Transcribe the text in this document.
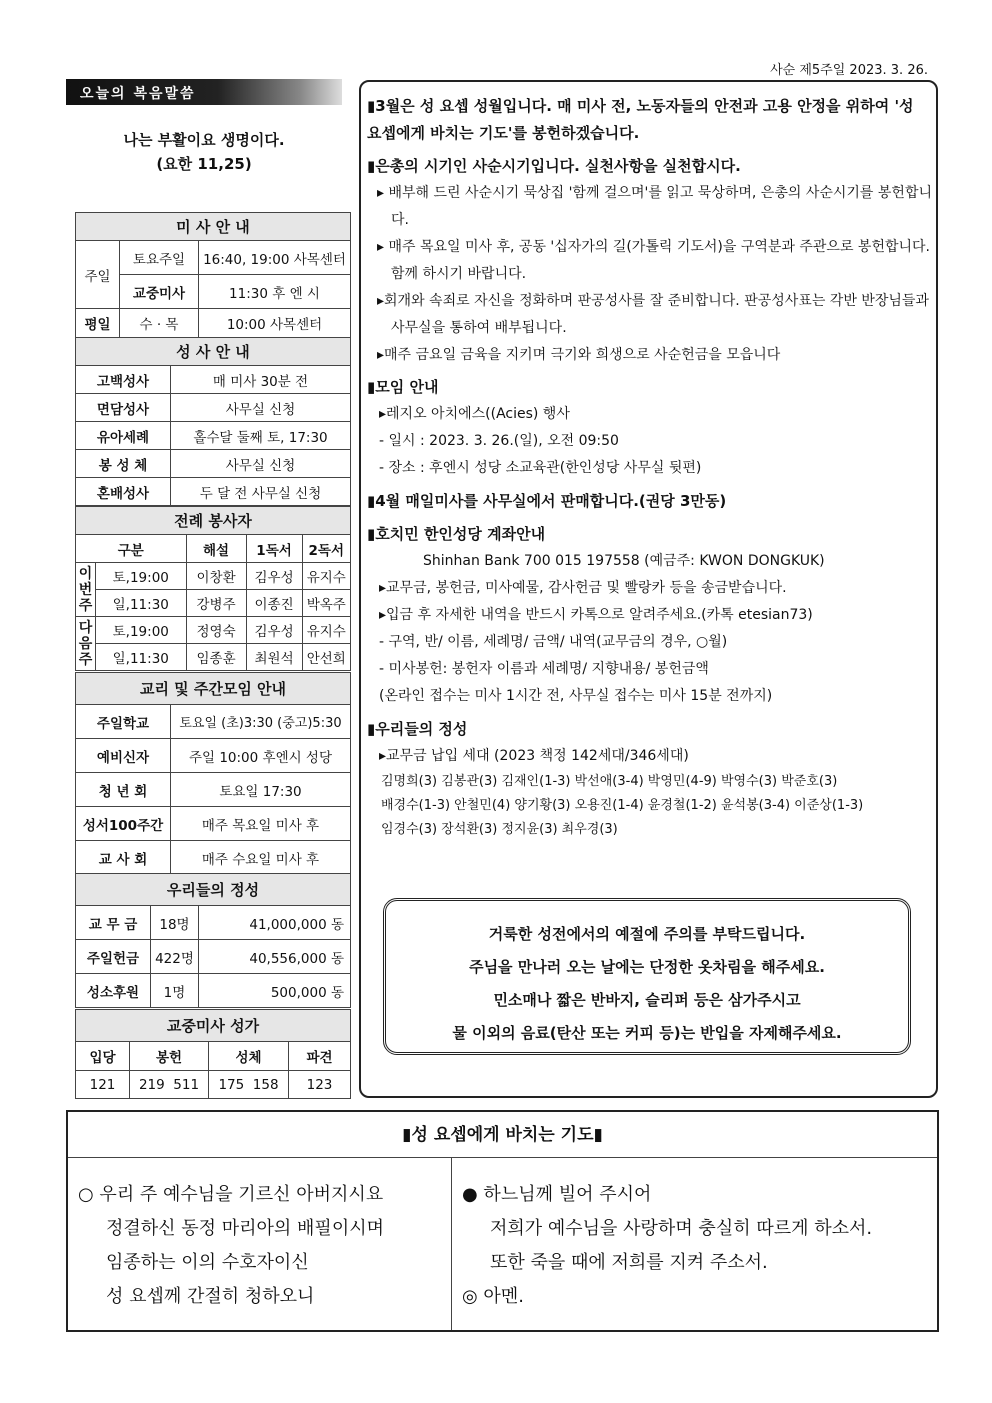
사순 제5주일 2023. 3. 26.
오늘의 복음말씀
나는 부활이요 생명이다.
(요한 11,25)
미 사 안 내		
주일	토요주일	16:40, 19:00 사목센터
	교중미사	11:30 후 엔 시
평일	수 · 목	10:00 사목센터
성 사 안 내	
고백성사	매 미사 30분 전
면담성사	사무실 신청
유아세례	홀수달 둘째 토, 17:30
봉 성 체	사무실 신청
혼배성사	두 달 전 사무실 신청
전례 봉사자				
구분		해설	1독서	2독서
이번주	토,19:00	이창환	김우성	유지수
	일,11:30	강병주	이종진	박옥주
다음주	토,19:00	정영숙	김우성	유지수
	일,11:30	임종훈	최원석	안선희
교리 및 주간모임 안내	
주일학교	토요일 (초)3:30 (중고)5:30
예비신자	주일 10:00 후엔시 성당
청 년 회	토요일 17:30
성서100주간	매주 목요일 미사 후
교 사 회	매주 수요일 미사 후
우리들의 정성		
교 무 금	18명	41,000,000 동
주일헌금	422명	40,556,000 동
성소후원	1명	500,000 동
교중미사 성가			
입당	봉헌	성체	파견
121	219  511	175  158	123
▮3월은 성 요셉 성월입니다. 매 미사 전, 노동자들의 안전과 고용 안정을 위하여 '성 요셉에게 바치는 기도'를 봉헌하겠습니다.
▮은총의 시기인 사순시기입니다. 실천사항을 실천합시다.
▸ 배부해 드린 사순시기 묵상집 '함께 걸으며'를 읽고 묵상하며, 은총의 사순시기를 봉헌합니다.
▸ 매주 목요일 미사 후, 공동 '십자가의 길(가톨릭 기도서)을 구역분과 주관으로 봉헌합니다. 함께 하시기 바랍니다.
▸회개와 속죄로 자신을 정화하며 판공성사를 잘 준비합니다. 판공성사표는 각반 반장님들과 사무실을 통하여 배부됩니다.
▸매주 금요일 금육을 지키며 극기와 희생으로 사순헌금을 모읍니다
▮모임 안내
▸레지오 아치에스((Acies) 행사
- 일시 : 2023. 3. 26.(일), 오전 09:50
- 장소 : 후엔시 성당 소교육관(한인성당 사무실 뒷편)
▮4월 매일미사를 사무실에서 판매합니다.(권당 3만동)
▮호치민 한인성당 계좌안내
Shinhan Bank 700 015 197558 (예금주: KWON DONGKUK)
▸교무금, 봉헌금, 미사예물, 감사헌금 및 빨랑카 등을 송금받습니다.
▸입금 후 자세한 내역을 반드시 카톡으로 알려주세요.(카톡 etesian73)
- 구역, 반/ 이름, 세례명/ 금액/ 내역(교무금의 경우, ○월)
- 미사봉헌: 봉헌자 이름과 세례명/ 지향내용/ 봉헌금액
(온라인 접수는 미사 1시간 전, 사무실 접수는 미사 15분 전까지)
▮우리들의 정성
▸교무금 납입 세대 (2023 책정 142세대/346세대)
김명희(3) 김봉관(3) 김재인(1-3) 박선애(3-4) 박영민(4-9) 박영수(3) 박준호(3)
배경수(1-3) 안철민(4) 양기황(3) 오용진(1-4) 윤경철(1-2) 윤석봉(3-4) 이준상(1-3)
임경수(3) 장석환(3) 정지윤(3) 최우경(3)
거룩한 성전에서의 예절에 주의를 부탁드립니다.
주님을 만나러 오는 날에는 단정한 옷차림을 해주세요.
민소매나 짧은 반바지, 슬리퍼 등은 삼가주시고
물 이외의 음료(탄산 또는 커피 등)는 반입을 자제해주세요.
▮성 요셉에게 바치는 기도▮
○ 우리 주 예수님을 기르신 아버지시요
정결하신 동정 마리아의 배필이시며
임종하는 이의 수호자이신
성 요셉께 간절히 청하오니
● 하느님께 빌어 주시어
저희가 예수님을 사랑하며 충실히 따르게 하소서.
또한 죽을 때에 저희를 지켜 주소서.
◎ 아멘.
